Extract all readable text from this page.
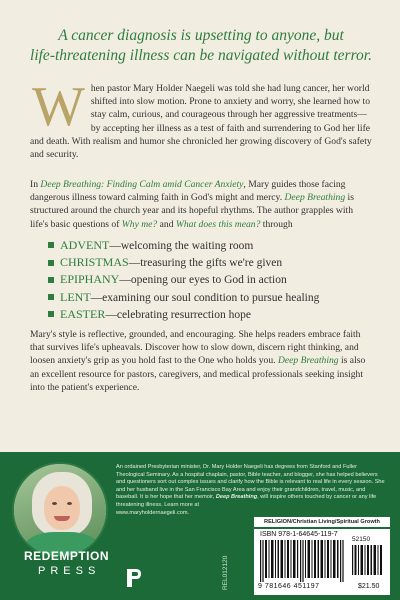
A cancer diagnosis is upsetting to anyone, but
life-threatening illness can be navigated without terror.
When pastor Mary Holder Naegeli was told she had lung cancer, her world shifted into slow motion. Prone to anxiety and worry, she learned how to stay calm, curious, and courageous through her aggressive treatments—by accepting her illness as a test of faith and surrendering to God her life and death. With realism and humor she chronicled her growing discovery of God's safety and security.
In Deep Breathing: Finding Calm amid Cancer Anxiety, Mary guides those facing dangerous illness toward calming faith in God's might and mercy. Deep Breathing is structured around the church year and its hopeful rhythms. The author grapples with life's basic questions of Why me? and What does this mean? through
ADVENT—welcoming the waiting room
CHRISTMAS—treasuring the gifts we're given
EPIPHANY—opening our eyes to God in action
LENT—examining our soul condition to pursue healing
EASTER—celebrating resurrection hope
Mary's style is reflective, grounded, and encouraging. She helps readers embrace faith that survives life's upheavals. Discover how to slow down, discern right thinking, and loosen anxiety's grip as you hold fast to the One who holds you. Deep Breathing is also an excellent resource for pastors, caregivers, and medical professionals seeking insight into the patient's experience.
An ordained Presbyterian minister, Dr. Mary Holder Naegeli has degrees from Stanford and Fuller Theological Seminary. As a hospital chaplain, pastor, Bible teacher, and blogger, she has helped believers and questioners sort out complex issues and clarify how the Bible is relevant to real life in every season. She and her husband live in the San Francisco Bay Area and enjoy their grandchildren, travel, music, and baseball. It is her hope that her memoir, Deep Breathing, will inspire others touched by cancer or any life threatening illness. Learn more at
www.maryholdernaegeli.com.
REDEMPTION
PRESS	REL012120
RELIGION/Christian Living/Spiritual Growth
ISBN 978-1-64645-119-7
52150
9 781646 451197	$21.50
